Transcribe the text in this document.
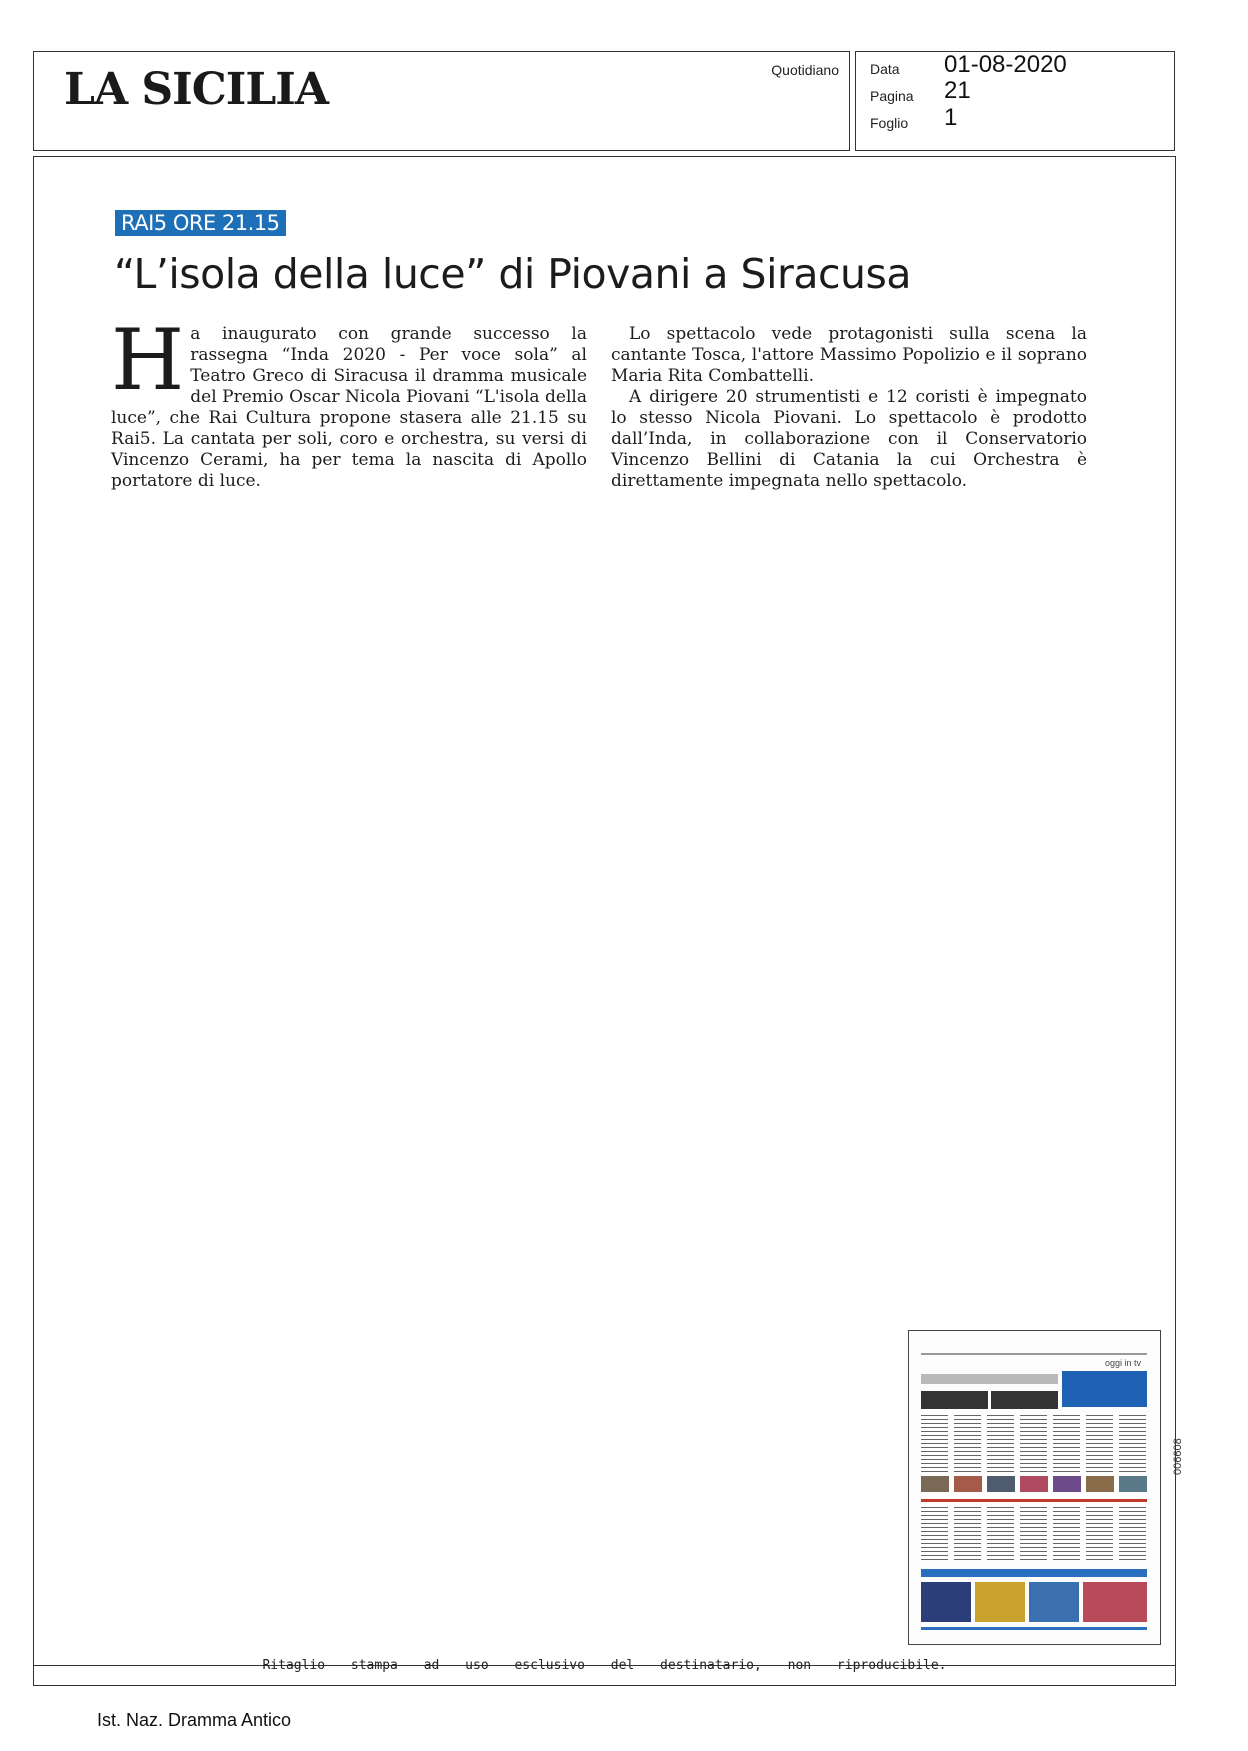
LA SICILIA	Quotidiano Data 01-08-2020
Pagina 21
Foglio 1
RAI5 ORE 21.15
“L’isola della luce” di Piovani a Siracusa

H a inaugurato con grande successo la rassegna “Inda 2020 - Per voce sola” al Teatro Greco di Siracusa il dramma musicale del Premio Oscar Nicola Piovani “L'isola della luce”, che Rai Cultura propone stasera alle 21.15 su Rai5. La cantata per soli, coro e orchestra, su versi di Vincenzo Cerami, ha per tema la nascita di Apollo portatore di luce.

Lo spettacolo vede protagonisti sulla scena la cantante Tosca, l'attore Massimo Popolizio e il soprano Maria Rita Combattelli.

A dirigere 20 strumentisti e 12 coristi è impegnato lo stesso Nicola Piovani. Lo spettacolo è prodotto dall’Inda, in collaborazione con il Conservatorio Vincenzo Bellini di Catania la cui Orchestra è direttamente impegnata nello spettacolo.

oggi in tv
006608
Ritaglio stampa ad uso esclusivo del destinatario, non riproducibile.
Ist. Naz. Dramma Antico
